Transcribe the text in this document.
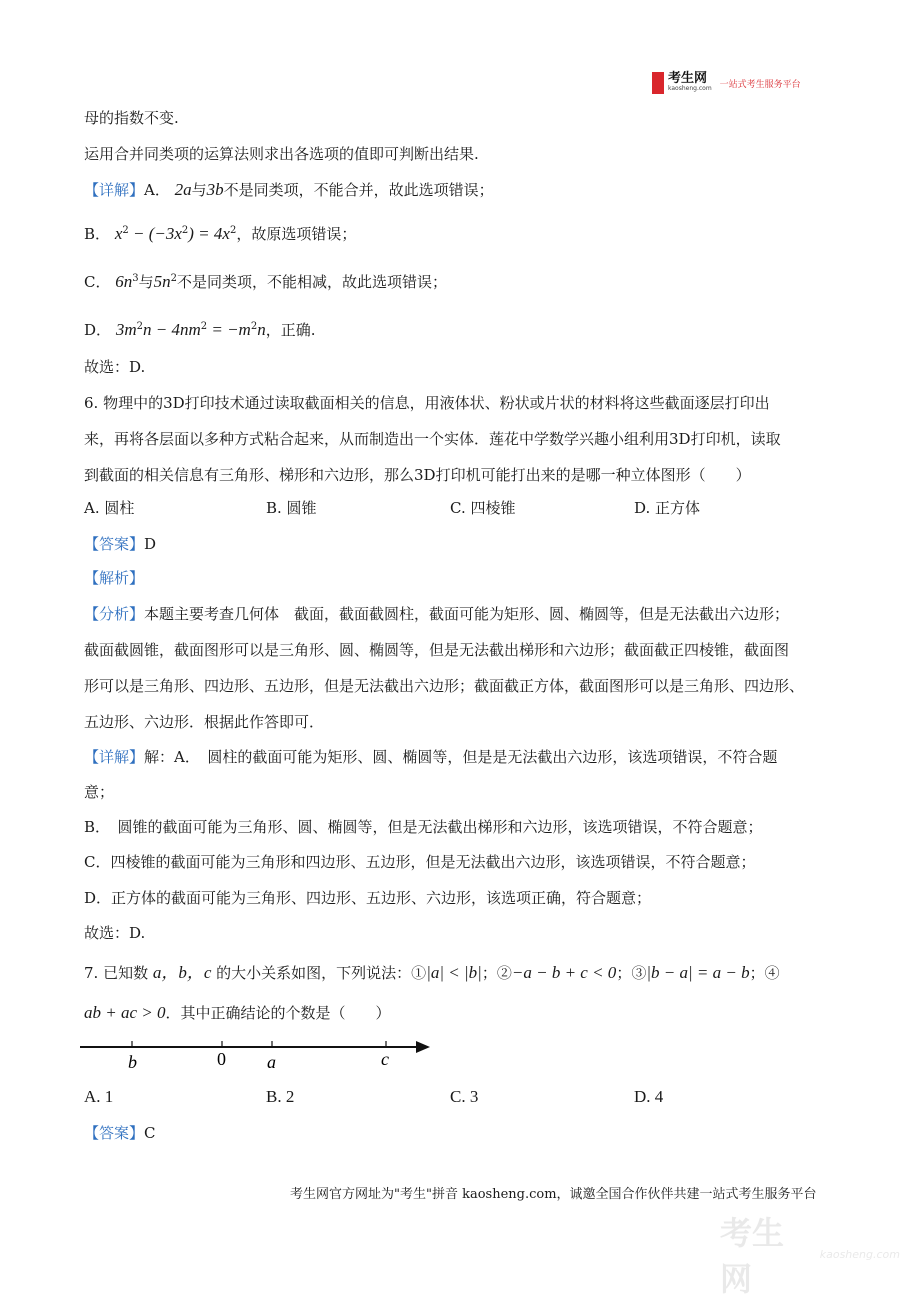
考生网
kaosheng.com 一站式考生服务平台
母的指数不变.
运用合并同类项的运算法则求出各选项的值即可判断出结果.
【详解】A． 2a与3b不是同类项，不能合并，故此选项错误；
B． $x^2 - (-3x^2) = 4x^2$，故原选项错误；
C． $6n^3$与$5n^2$不是同类项，不能相减，故此选项错误；
D． $3m^2n - 4nm^2 = -m^2n$，正确.
故选：D.
6. 物理中的3D打印技术通过读取截面相关的信息，用液体状、粉状或片状的材料将这些截面逐层打印出
来，再将各层面以多种方式粘合起来，从而制造出一个实体．莲花中学数学兴趣小组利用3D打印机，读取
到截面的相关信息有三角形、梯形和六边形，那么3D打印机可能打出来的是哪一种立体图形（　　）
A. 圆柱	B. 圆锥	C. 四棱锥	D. 正方体
【答案】D
【解析】
【分析】本题主要考查几何体　截面，截面截圆柱，截面可能为矩形、圆、椭圆等，但是无法截出六边形；
截面截圆锥，截面图形可以是三角形、圆、椭圆等，但是无法截出梯形和六边形；截面截正四棱锥，截面图
形可以是三角形、四边形、五边形，但是无法截出六边形；截面截正方体，截面图形可以是三角形、四边形、
五边形、六边形．根据此作答即可．
【详解】解：A．　圆柱的截面可能为矩形、圆、椭圆等，但是是无法截出六边形，该选项错误，不符合题
意；
B．　圆锥的截面可能为三角形、圆、椭圆等，但是无法截出梯形和六边形，该选项错误，不符合题意；
C．四棱锥的截面可能为三角形和四边形、五边形，但是无法截出六边形，该选项错误，不符合题意；
D．正方体的截面可能为三角形、四边形、五边形、六边形，该选项正确，符合题意；
故选：D.
7. 已知数 a，b，c 的大小关系如图，下列说法：①|a| < |b|；②−a − b + c < 0；③|b − a| = a − b；④
ab + ac > 0．其中正确结论的个数是（　　）
b	0 a	c
A. 1	B. 2	C. 3	D. 4
【答案】C
考生网官方网址为"考生"拼音 kaosheng.com，诚邀全国合作伙伴共建一站式考生服务平台
考生网
kaosheng.com
